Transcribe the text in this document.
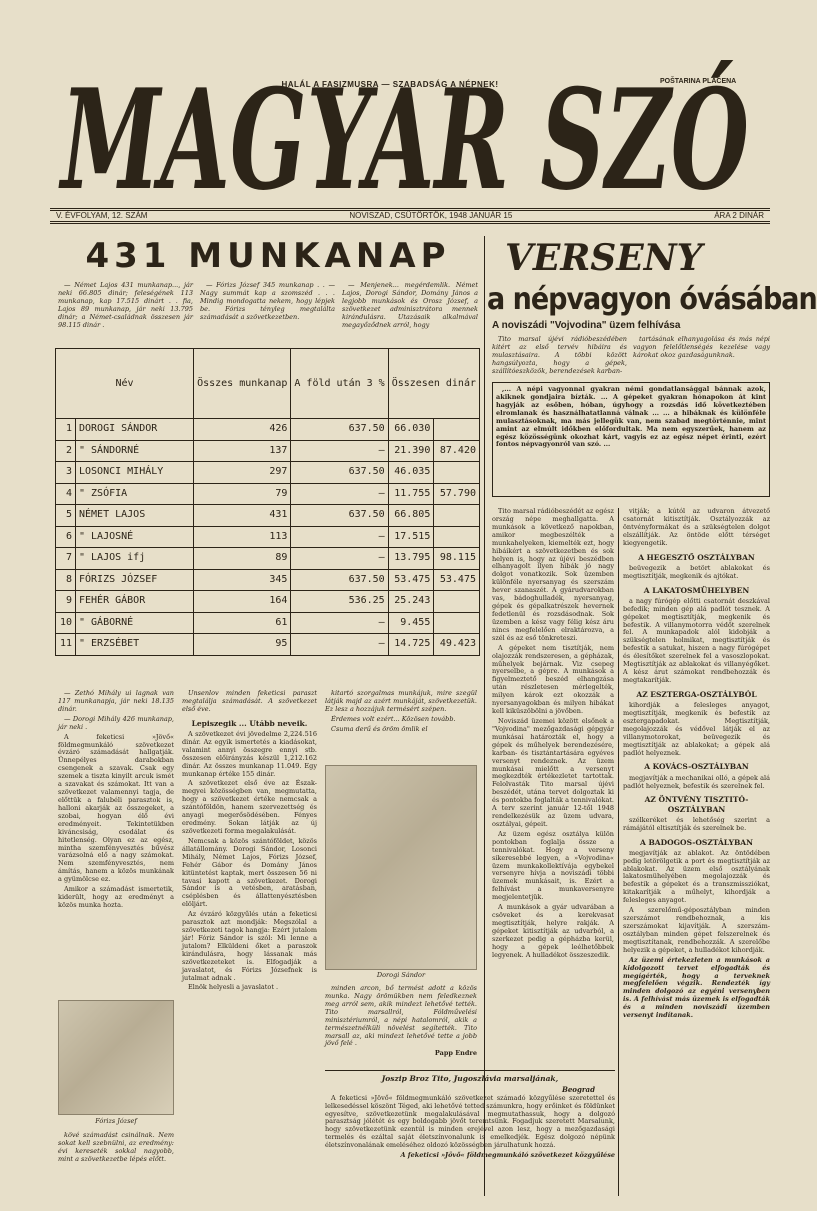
HALÁL A FASIZMUSRA — SZABADSÁG A NÉPNEK!	POŠTARINA PLAĆENA
MAGYAR SZÓ
V. ÉVFOLYAM, 12. SZÁM	NOVISZAD, CSÜTÖRTÖK, 1948 JANUÁR 15	ÁRA 2 DINÁR
431 MUNKANAP

— Német Lajos 431 munkanap..., jár neki 66.805 dinár; feleségének 113 munkanap, kap 17.515 dinárt . . fia, Lajos 89 munkanap, jár neki 13.795 dinár; a Német-családnak összesen jár 98.115 dinár .

— Fórizs József 345 munkanap . . — Nagy summát kap a szomszéd . . . Mindig mondogatta nekem, hogy lépjek be. Fórizs tényleg megtalálta számadását a szövetkezetben.

— Menjenek... megérdemlik. Német Lajos, Dorogi Sándor, Domány János a legjobb munkások és Orosz József, a szövetkezet adminisztrátora mennek kirándulásra. Utazásaik alkalmával megayőződnek arról, hogy

Név		Összes munkanap	A föld után 3 %	Összesen dinár	
1	DOROGI SÁNDOR	426	637.50	66.030	
2	" SÁNDORNÉ	137	—	21.390	87.420
3	LOSONCI MIHÁLY	297	637.50	46.035	
4	" ZSÓFIA	79	—	11.755	57.790
5	NÉMET LAJOS	431	637.50	66.805	
6	" LAJOSNÉ	113	—	17.515	
7	" LAJOS ifj	89	—	13.795	98.115
8	FÓRIZS JÓZSEF	345	637.50	53.475	53.475
9	FEHÉR GÁBOR	164	536.25	25.243	
10	" GÁBORNÉ	61	—	9.455	
11	" ERZSÉBET	95	—	14.725	49.423

— Zethó Mihály ui lagnak van 117 munkanapja, jár neki 18.135 dinár.

— Dorogi Mihály 426 munkanap, jár neki .

A feketicsi »Jövő« földmegmunkáló szövetkezet évzáró számadását hallgatják. Ünnepélyes darabokban csengenek a szavak. Csak egy szemek a tiszta kinyilt arcuk ismét a szavakat és számokat. Itt van a szövetkezet valamennyi tagja, de előttük a falubéli parasztok is, halloni akarják az összegeket, a szobai, hogyan élő évi eredményeit. Tekintetükben kiváncsiság, csodálat és hitetlenség. Olyan ez az egész, mintha szemfényvesztés bűvész varázsolná elő a nagy számokat. Nem szemfényvesztés, nem ámítás, hanem a közös munkának a gyümölcse ez.

Amikor a számadást ismertetik, kiderült, hogy az eredményt a közös munka hozta.

Fórizs József

kövé számadást csinálnak. Nem sokat kell szebnülni, az eredmény: évi kereseték sokkal nagyobb, mint a szövetkezetbe lépés előtt.

Unsenlov minden feketicsi paraszt megtalálja számadását. A szövetkezet első éve.

Lepiszegik ... Utább neveik.

A szövetkezet évi jövedelme 2,224.516 dinár. Az egyik ismertetés a kiadásokat, valamint annyi összegre ennyi stb. összesen előirányzás készül 1,212.162 dinár. Az összes munkanap 11.049. Egy munkanap értéke 155 dinár.

A szövetkezet első éve az Észak-megyei közösségben van, megmutatta, hogy a szövetkezet értéke nemcsak a szántóföldön, hanem szervezettség és anyagi megerősödésében. Fényes eredmény. Sokan látják az új szövetkezeti forma megalakulását.

Nemcsak a közös szántóföldet, közös állatállomány. Dorogi Sándor, Losonci Mihály, Német Lajos, Fórizs József, Fehér Gábor és Domány János kitüntetést kaptak, mert összesen 56 ni tavasi kapott a szövetkezet. Dorogi Sándor is a vetésben, aratásban, cséplésben és állattenyésztésben elöljárt.

Az évzáró közgyűlés után a feketicsi parasztok azt mondják: Megszólal a szövetkezeti tagok hangja: Ezért jutalom jár! Fóriz Sándor is szól: Mi lenne a jutalom? Elküldeni őket a paraszok kirándulásra, hogy lássanak más szövetkezeteket is. Elfogadják a javaslatot, és Fórizs Józsefnek is jutalmat adnak .

Elnök helyesli a javaslatot .

kitartó szorgalmas munkájuk, mire szegül látják majd az azért munkáját, szövetkezetük. Ez lesz a hozzájuk termésért szépen.

Érdemes volt ezért... Közösen tovább.

Csuma derű és öröm ömlik el

Dorogi Sándor

minden arcon, bő termést adott a közös munka. Nagy örömükben nem feledkeznek meg arról sem, akik mindezt lehetővé tették. Tito marsallról, Fóldművelési minisztériumról, a népi hatalomról, akik a természetnélküli növelést segítették. Tito marsall az, aki mindezt lehetővé tette a jobb jövő felé .

Papp Endre

VERSENY
a népvagyon óvásában
A noviszádi "Vojvodina" üzem felhívása

Tito marsal újévi rádióbeszédében kitért az első tervév hibáira és mulasztásaira. A többi között hangsúlyozta, hogy a gépek, szállítóeszközök, berendezések karban-

tartásának elhanyagolása és más népi vagyon felelőtlenségés kezelése vagy károkat okoz gazdaságunknak.

,... A népi vagyonnal gyakran némi gondatlansággal bánnak azok, akiknek gondjaira bízták. ... A gépeket gyakran hónapokon át kint hagyják az esőben, hóban, úgyhogy a rozsdás idő következtében elromlanak és használhatatlanná válnak ... ... a hibáknak és különféle mulasztásoknak, ma más jellegük van, nem szabad megtörténnie, mint amint az elmúlt időkben előfordultak. Ma nem egyszerűek, hanem az egész közösségünk okozhat kárt, vagyis ez az egész népet érinti, ezért fontos népvagyonról van szó. ...

Tito marsal rádióbeszédét az egész ország népe meghallgatta. A munkások a következő napokban, amikor megbeszélték a munkahelyeken, kiemelték ezt, hogy hibáikért a szövetkezetben és sok helyen is, hogy az újévi beszédben elhanyagolt ilyen hibák jó nagy dolgot vonatkozik. Sok üzemben különféle nyersanyag és szerszám hever szanaszét. A gyárudvarokban vas, bádoghulladék, nyersanyag, gépek és gépalkatrészek hevernek fedetlenül és rozsdásodnak. Sok üzemben a kész vagy félig kész áru nincs megfelelően elraktározva, a szél és az eső tönkreteszi.

A gépeket nem tisztítják, nem olajozzák rendszeresen, a gépházak, műhelyek bejárnak. Viz csepeg nyerselbe, a gépre. A munkások a figyelmeztető beszéd elhangzása után részletesen mérlegelték, milyen károk ezt okozzák a nyersanyagokban és milyen hibákat kell kiküszöbölni a jövőben.

Noviszád üzemei között elsőnek a "Vojvodina" mezőgazdasági gépgyár munkásai határozták el, hogy a gépek és műhelyek berendezésére, karban- és tisztántartására egyéves versenyt rendeznek. Az üzem munkásai mielőtt a versenyt megkezdték értékezletet tartottak. Felolvasták Tito marsal újévi beszédét, utána tervet dolgoztak ki és pontokba foglalták a tennivalókat. A terv szerint január 12-től 1948 rendelkezésük az üzem udvara, osztályai, gépeit.

Az üzem egész osztálya külön pontokban foglalja össze a tennivalókat. Hogy a verseny sikeresebbé legyen, a »Vojvodina« üzem munkakollektívája egybekel versenyre hívja a noviszádi többi üzemek munkásait, is. Ezért a felhívást a munkaversenyre megjelentetjük.

A munkások a gyár udvarában a csöveket és a kerekvasat megtisztítják, helyre rakják. A gépeket kitisztítják az udvarból, a szerkezet pedig a gépházba kerül, hogy a gépek leélhetőbbek legyenek. A hulladékot összeszedik.

vitják; a kútól az udvaron átvezető csatornát kitisztítják. Osztályozzák az öntvényformákat és a szükségtelen dolgot elszállítják. Az öntöde előtt térséget kiegyengetik.

A HEGESZTŐ OSZTÁLYBAN

beüvegezik a betört ablakokat és megtisztítják, megkenik és ajtókat.

A LAKATOSMÜHELYBEN

a nagy fúrógép előtti csatornát deszkával befedik; minden gép alá padlót tesznek. A gépeket megtisztítják, megkenik és befestik. A villanymotorra védőt szerelnek fel. A munkapadok alól kidobják a szükségtelen holmikat, megtisztítják és befestik a satukat, hiszen a nagy fúrógépet és élesítőket szerelnek fel a vasoszlopokat. Megtisztítják az ablakokat és villanyégőket. A kész árut számokat rendbehozzák és megtakarítják.

AZ ESZTERGA-OSZTÁLYBÓL

kihordják a felesleges anyagot, megtisztítják, megkenik és befestik az esztergapadokat. Megtisztítják, megolajozzák és védővel látják el az villanymotorokat, beüvegezik és megtisztítják az ablakokat; a gépek alá padlót helyeznek.

A KOVÁCS-OSZTÁLYBAN

megjavítják a mechanikai olló, a gépek alá padlót helyeznek, befestik és szerelnek fel.

AZ ÖNTVÉNY TISZTITÓ-OSZTÁLYBAN

szélkeréket és lehetőség szerint a rámájától eltisztítják és szerelnek be.

A BADOGOS-OSZTÁLYBAN

megjavítják az ablakot. Az öntödében pedig letörölgetik a port és megtisztítják az ablakokat. Az üzem első osztályának lakatosmühelyében megolajozzák és befestik a gépeket és a transzmissziókat, kitakarítják a műhelyt, kihordják a felesleges anyagot.

A szerelőmű-géposztályban minden szerszámot rendbehoznak, a kis szerszámokat kijavítják. A szerszám-osztályban minden gépet felszerelnek és megtisztítanak, rendbehozzák. A szerelőbe helyezik a gépeket, a hulladékot kihordják.

Az üzemi értekezleten a munkások a kidolgozott tervet elfogadták és megígérték, hogy a terveknek megfelelően végzik. Rendezték így minden dolgozó az egyéni versenyben is. A felhívást más üzemek is elfogadták és a minden noviszádi üzemben versenyt indítanak.

Joszip Broz Tito, Jugoszlávia marsaljának,
Beograd

A feketicsi »Jövő« földmegmunkáló szövetkezet számadó közgyűlése szeretettel és lelkesedéssel köszönt Téged, aki lehetővé tetted számunkra, hogy erőinket és földünket egyesítve, szövetkezetünk megalakulásával megmutathassuk, hogy a dolgozó parasztság jólétét és egy boldogabb jövőt teremtsünk. Fogadjuk szeretett Marsalunk, hogy szövetkezetünk ezentúl is minden erejével azon lesz, hogy a mezőgazdasági termelés és ezáltal saját életszínvonalunk is emelkedjék. Egész dolgozó népünk életszínvonalának emeléséhez oldozó közösségben járulhatunk hozzá.

A feketicsi »Jövő« földmegmunkáló szövetkezet közgyűlése
